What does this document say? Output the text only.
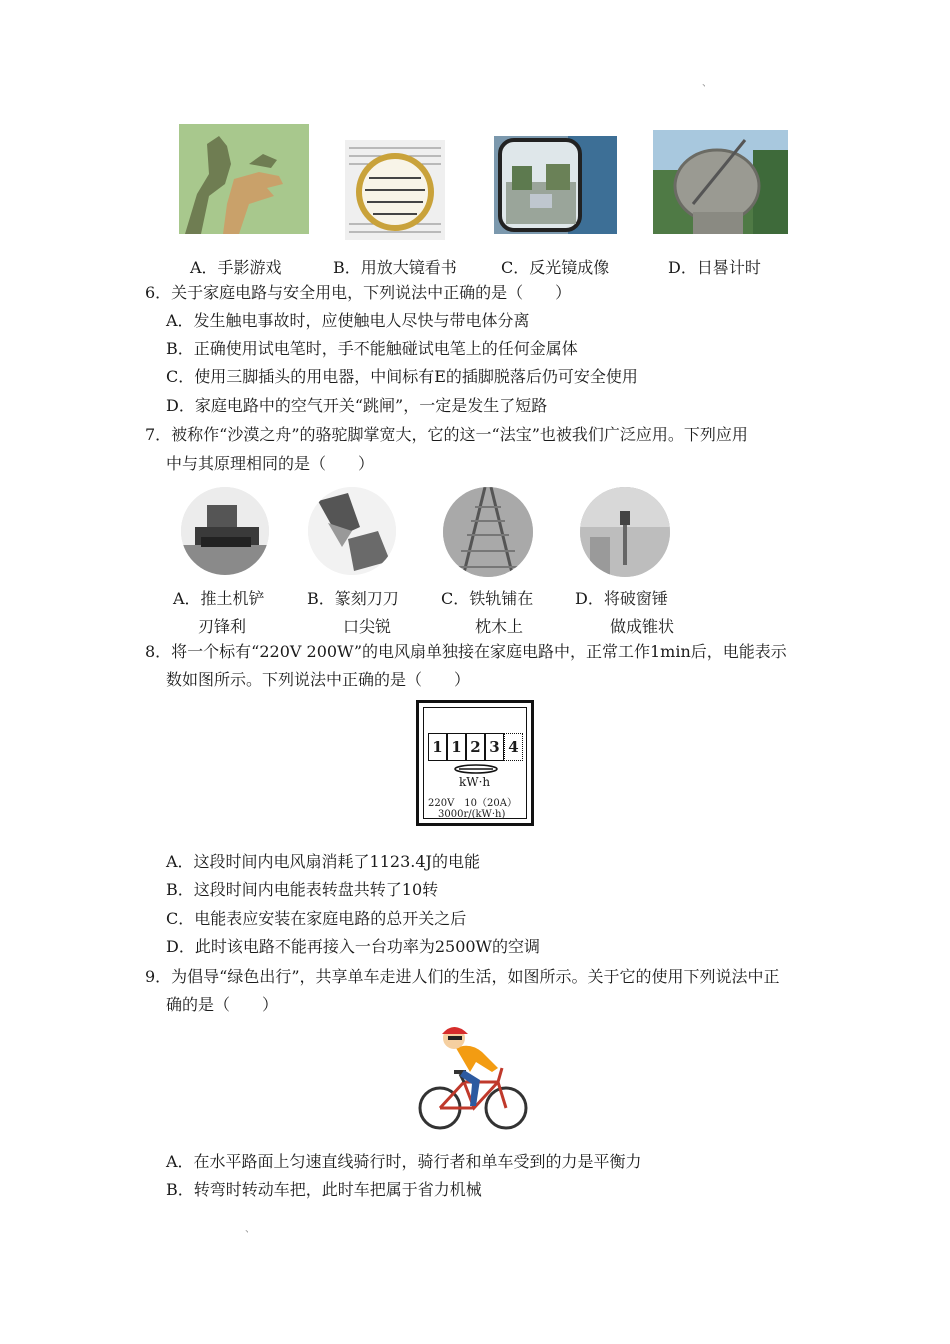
、
A．手影游戏	B．用放大镜看书	C．反光镜成像	D．日晷计时
6．关于家庭电路与安全用电，下列说法中正确的是（　　）
A．发生触电事故时，应使触电人尽快与带电体分离
B．正确使用试电笔时，手不能触碰试电笔上的任何金属体
C．使用三脚插头的用电器，中间标有E的插脚脱落后仍可安全使用
D．家庭电路中的空气开关“跳闸”，一定是发生了短路
7．被称作“沙漠之舟”的骆驼脚掌宽大，它的这一“法宝”也被我们广泛应用。下列应用
中与其原理相同的是（　　）
A．推土机铲
刃锋利
B．篆刻刀刀
口尖锐
C．铁轨铺在
枕木上
D．将破窗锤
做成锥状
8．将一个标有“220V 200W”的电风扇单独接在家庭电路中，正常工作1min后，电能表示
数如图所示。下列说法中正确的是（　　）
1 1 2 3 4
kW·h
220V　10（20A）
3000r/(kW·h)
A．这段时间内电风扇消耗了1123.4J的电能
B．这段时间内电能表转盘共转了10转
C．电能表应安装在家庭电路的总开关之后
D．此时该电路不能再接入一台功率为2500W的空调
9．为倡导“绿色出行”，共享单车走进人们的生活，如图所示。关于它的使用下列说法中正
确的是（　　）
A．在水平路面上匀速直线骑行时，骑行者和单车受到的力是平衡力
B．转弯时转动车把，此时车把属于省力机械
、
